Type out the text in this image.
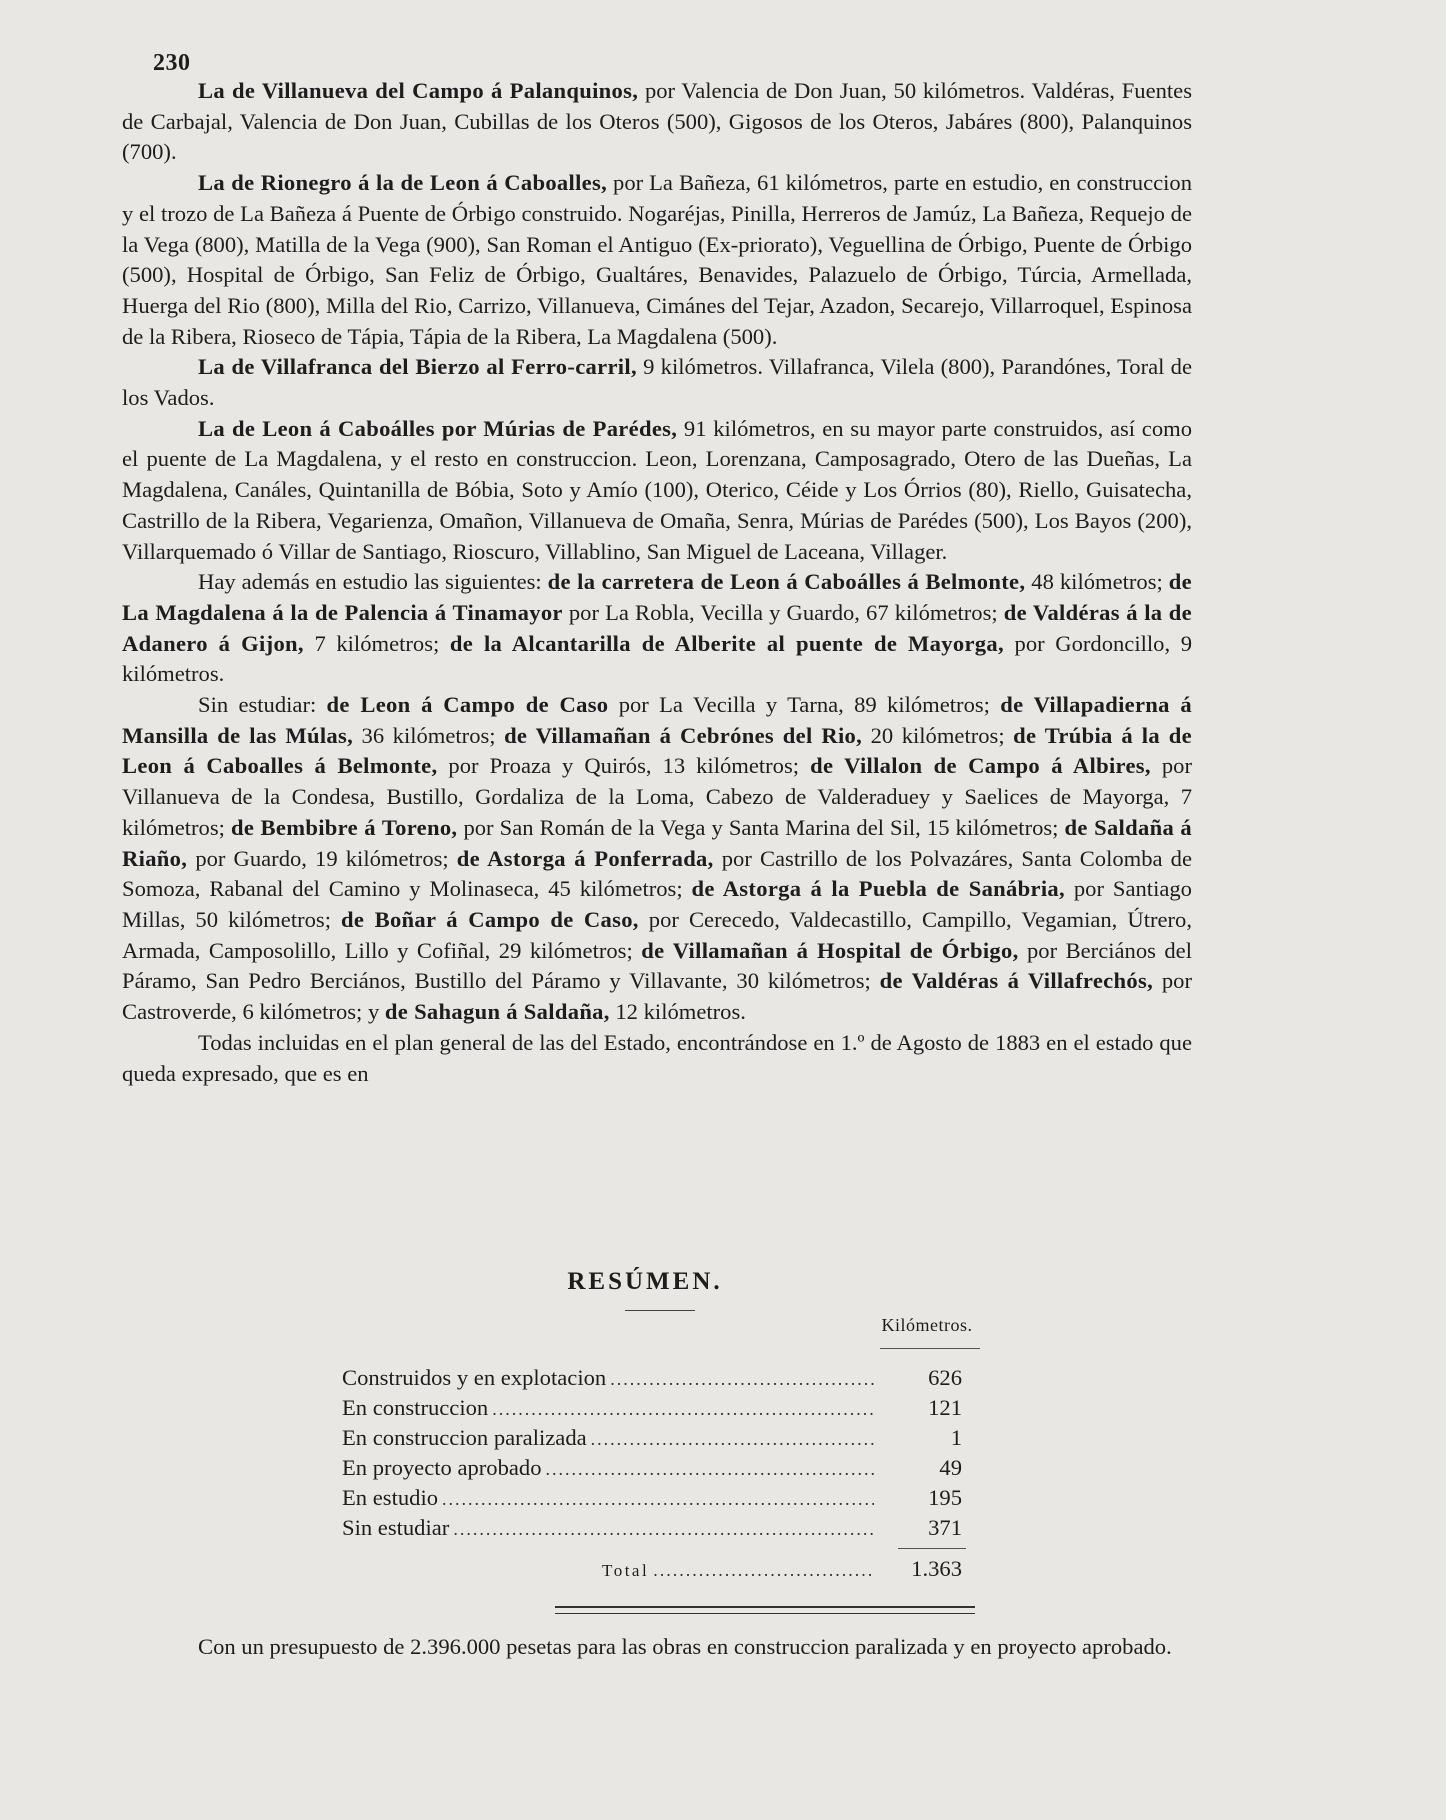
230

La de Villanueva del Campo á Palanquinos, por Valencia de Don Juan, 50 kilómetros. Valdéras, Fuentes de Carbajal, Valencia de Don Juan, Cubillas de los Oteros (500), Gigosos de los Oteros, Jabáres (800), Palanquinos (700).

La de Rionegro á la de Leon á Caboalles, por La Bañeza, 61 kilómetros, parte en estudio, en construccion y el trozo de La Bañeza á Puente de Órbigo construido. Nogaréjas, Pinilla, Herreros de Jamúz, La Bañeza, Requejo de la Vega (800), Matilla de la Vega (900), San Roman el Antiguo (Ex-priorato), Veguellina de Órbigo, Puente de Órbigo (500), Hospital de Órbigo, San Feliz de Órbigo, Gualtáres, Benavides, Palazuelo de Órbigo, Túrcia, Armellada, Huerga del Rio (800), Milla del Rio, Carrizo, Villanueva, Cimánes del Tejar, Azadon, Secarejo, Villarroquel, Espinosa de la Ribera, Rioseco de Tápia, Tápia de la Ribera, La Magdalena (500).

La de Villafranca del Bierzo al Ferro-carril, 9 kilómetros. Villafranca, Vilela (800), Parandónes, Toral de los Vados.

La de Leon á Caboálles por Múrias de Parédes, 91 kilómetros, en su mayor parte construidos, así como el puente de La Magdalena, y el resto en construccion. Leon, Lorenzana, Camposagrado, Otero de las Dueñas, La Magdalena, Canáles, Quintanilla de Bóbia, Soto y Amío (100), Oterico, Céide y Los Órrios (80), Riello, Guisatecha, Castrillo de la Ribera, Vegarienza, Omañon, Villanueva de Omaña, Senra, Múrias de Parédes (500), Los Bayos (200), Villarquemado ó Villar de Santiago, Rioscuro, Villablino, San Miguel de Laceana, Villager.

Hay además en estudio las siguientes: de la carretera de Leon á Caboálles á Belmonte, 48 kilómetros; de La Magdalena á la de Palencia á Tinamayor por La Robla, Vecilla y Guardo, 67 kilómetros; de Valdéras á la de Adanero á Gijon, 7 kilómetros; de la Alcantarilla de Alberite al puente de Mayorga, por Gordoncillo, 9 kilómetros.

Sin estudiar: de Leon á Campo de Caso por La Vecilla y Tarna, 89 kilómetros; de Villapadierna á Mansilla de las Múlas, 36 kilómetros; de Villamañan á Cebrónes del Rio, 20 kilómetros; de Trúbia á la de Leon á Caboalles á Belmonte, por Proaza y Quirós, 13 kilómetros; de Villalon de Campo á Albires, por Villanueva de la Condesa, Bustillo, Gordaliza de la Loma, Cabezo de Valderaduey y Saelices de Mayorga, 7 kilómetros; de Bembibre á Toreno, por San Román de la Vega y Santa Marina del Sil, 15 kilómetros; de Saldaña á Riaño, por Guardo, 19 kilómetros; de Astorga á Ponferrada, por Castrillo de los Polvazáres, Santa Colomba de Somoza, Rabanal del Camino y Molinaseca, 45 kilómetros; de Astorga á la Puebla de Sanábria, por Santiago Millas, 50 kilómetros; de Boñar á Campo de Caso, por Cerecedo, Valdecastillo, Campillo, Vegamian, Útrero, Armada, Camposolillo, Lillo y Cofiñal, 29 kilómetros; de Villamañan á Hospital de Órbigo, por Berciános del Páramo, San Pedro Berciános, Bustillo del Páramo y Villavante, 30 kilómetros; de Valdéras á Villafrechós, por Castroverde, 6 kilómetros; y de Sahagun á Saldaña, 12 kilómetros.

Todas incluidas en el plan general de las del Estado, encontrándose en 1.º de Agosto de 1883 en el estado que queda expresado, que es en

RESÚMEN.
Kilómetros.
Construidos y en explotacion .....	626
En construccion .....	121
En construccion paralizada .....	1
En proyecto aprobado .....	49
En estudio .....	195
Sin estudiar .....	371
Total .....	1.363

Con un presupuesto de 2.396.000 pesetas para las obras en construccion paralizada y en proyecto aprobado.
